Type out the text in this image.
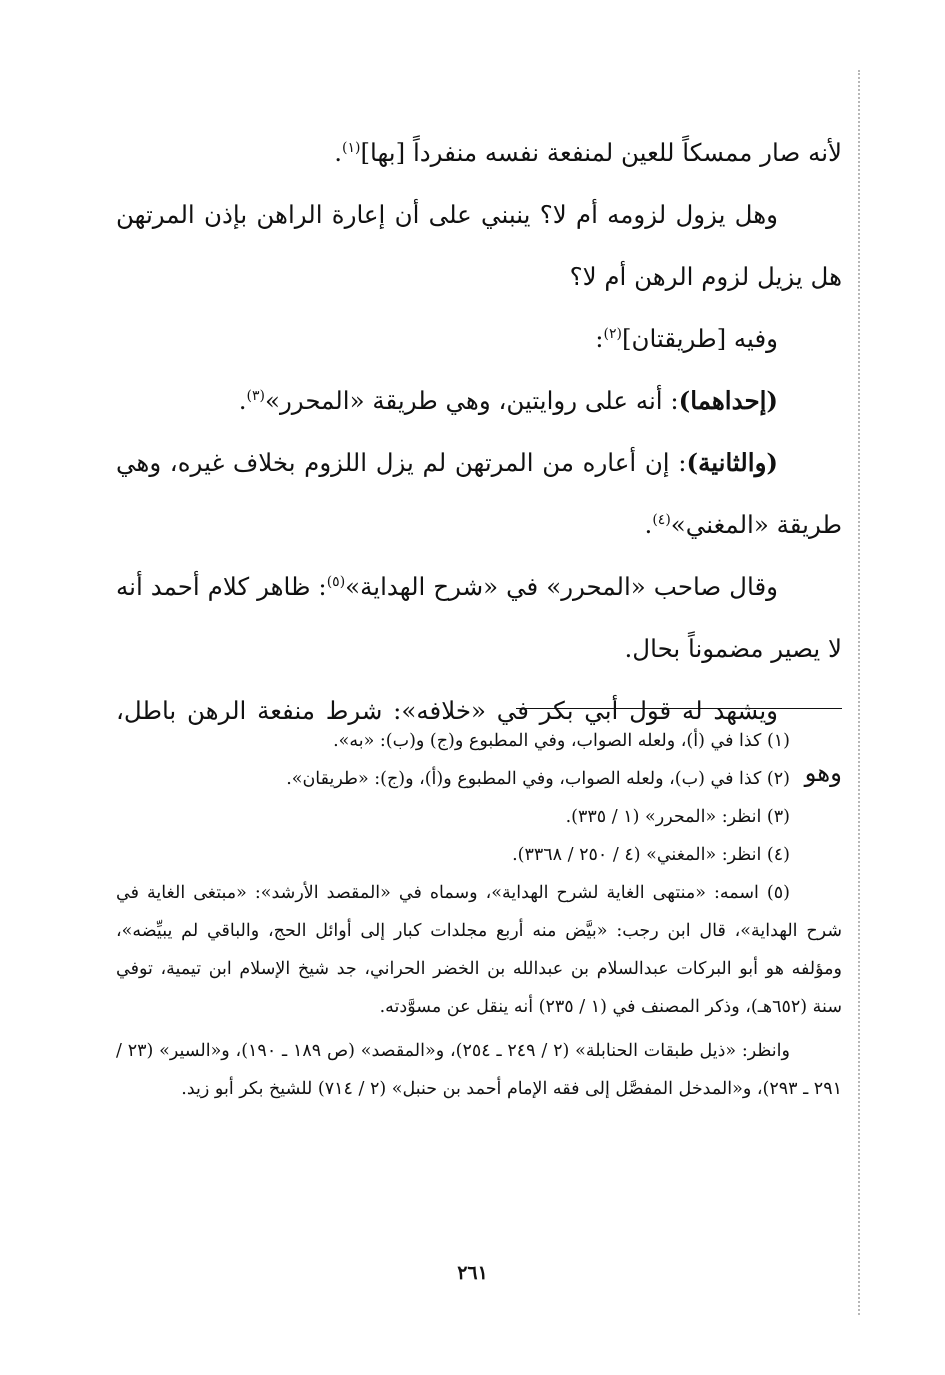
لأنه صار ممسكاً للعين لمنفعة نفسه منفرداً [بها]$^{(١)}$.

وهل يزول لزومه أم لا؟ ينبني على أن إعارة الراهن بإذن المرتهن هل يزيل لزوم الرهن أم لا؟

وفيه [طريقتان]$^{(٢)}$:

(إحداهما): أنه على روايتين، وهي طريقة «المحرر»$^{(٣)}$.

(والثانية): إن أعاره من المرتهن لم يزل اللزوم بخلاف غيره، وهي طريقة «المغني»$^{(٤)}$.

وقال صاحب «المحرر» في «شرح الهداية»$^{(٥)}$: ظاهر كلام أحمد أنه لا يصير مضموناً بحال.

ويشهد له قول أبي بكر في «خلافه»: شرط منفعة الرهن باطل، وهو

(١) كذا في (أ)، ولعله الصواب، وفي المطبوع و(ج) و(ب): «به».

(٢) كذا في (ب)، ولعله الصواب، وفي المطبوع و(أ)، و(ج): «طريقان».

(٣) انظر: «المحرر» (١ / ٣٣٥).

(٤) انظر: «المغني» (٤ / ٢٥٠ / ٣٣٦٨).

(٥) اسمه: «منتهى الغاية لشرح الهداية»، وسماه في «المقصد الأرشد»: «مبتغى الغاية في شرح الهداية»، قال ابن رجب: «بيَّض منه أربع مجلدات كبار إلى أوائل الحج، والباقي لم يبيِّضه»، ومؤلفه هو أبو البركات عبدالسلام بن عبدالله بن الخضر الحراني، جد شيخ الإسلام ابن تيمية، توفي سنة (٦٥٢هـ)، وذكر المصنف في (١ / ٢٣٥) أنه ينقل عن مسوَّدته.

وانظر: «ذيل طبقات الحنابلة» (٢ / ٢٤٩ ـ ٢٥٤)، و«المقصد» (ص ١٨٩ ـ ١٩٠)، و«السير» (٢٣ / ٢٩١ ـ ٢٩٣)، و«المدخل المفصَّل إلى فقه الإمام أحمد بن حنبل» (٢ / ٧١٤) للشيخ بكر أبو زيد.

٢٦١
